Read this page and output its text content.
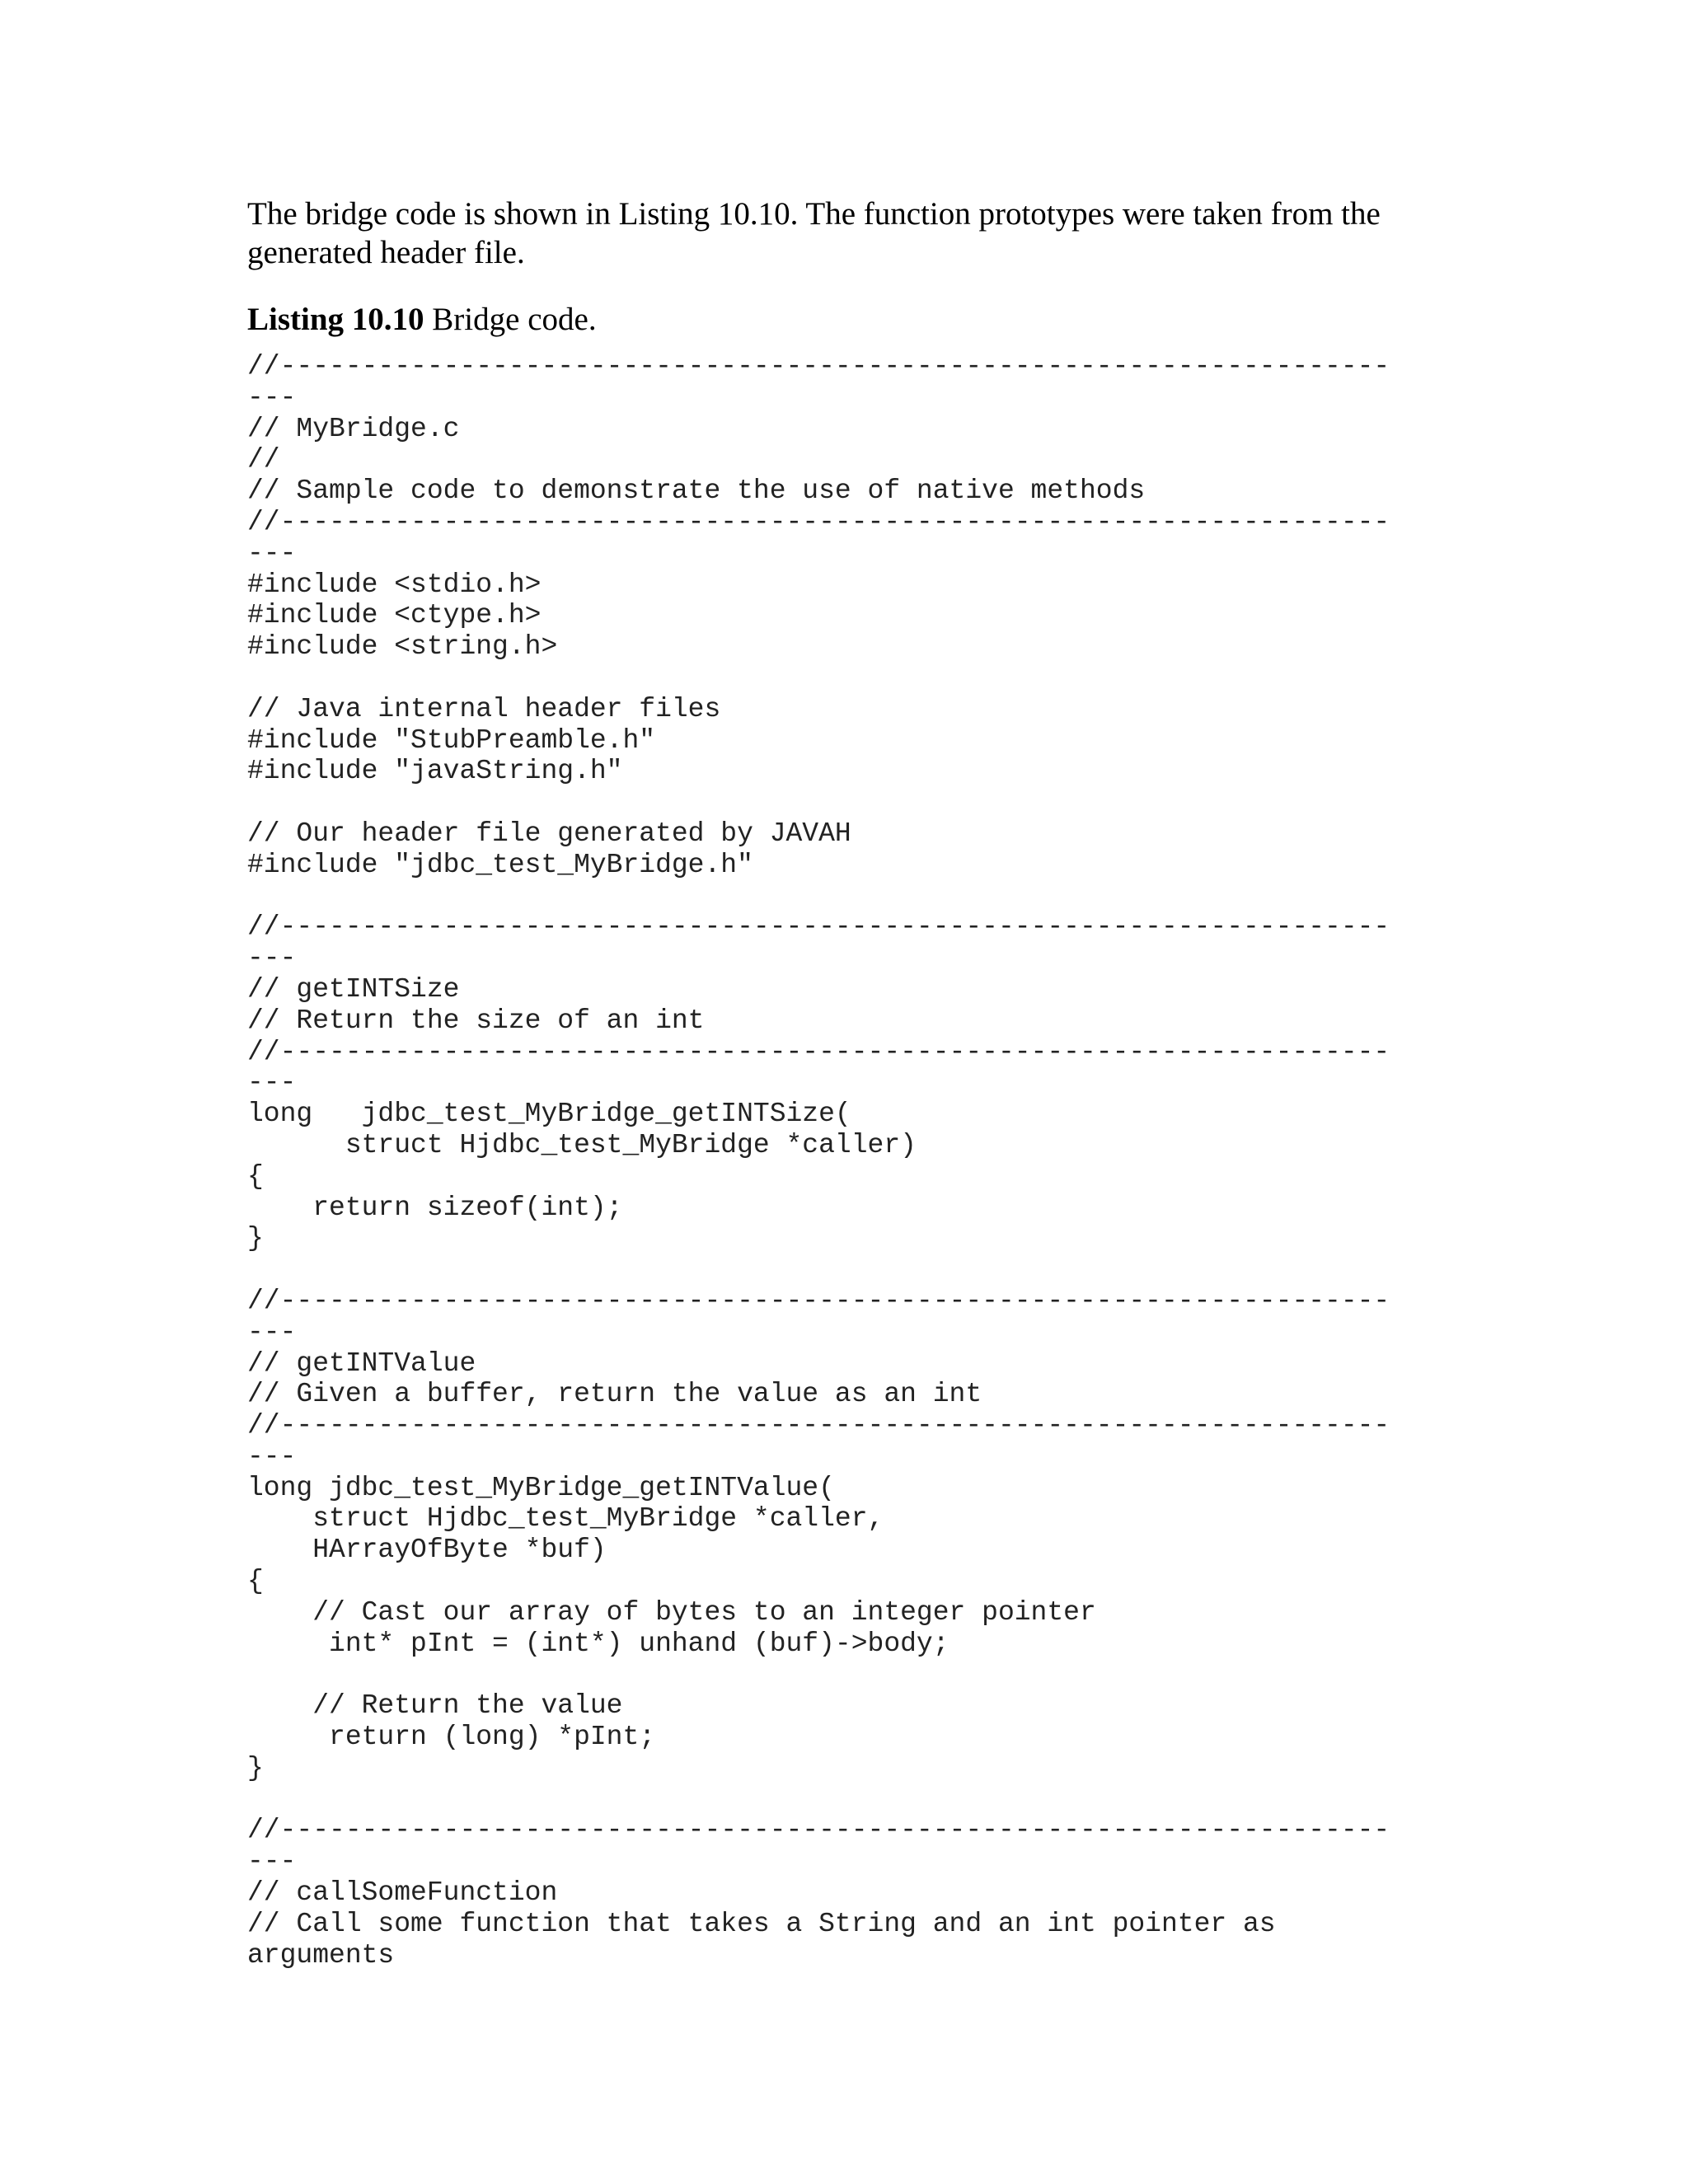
The bridge code is shown in Listing 10.10. The function prototypes were taken from the generated header file.

Listing 10.10 Bridge code.

//--------------------------------------------------------------------
---
// MyBridge.c
//
// Sample code to demonstrate the use of native methods
//--------------------------------------------------------------------
---
#include <stdio.h>
#include <ctype.h>
#include <string.h>

// Java internal header files
#include "StubPreamble.h"
#include "javaString.h"

// Our header file generated by JAVAH
#include "jdbc_test_MyBridge.h"

//--------------------------------------------------------------------
---
// getINTSize
// Return the size of an int
//--------------------------------------------------------------------
---
long   jdbc_test_MyBridge_getINTSize(
struct Hjdbc_test_MyBridge *caller)
{
return sizeof(int);
}

//--------------------------------------------------------------------
---
// getINTValue
// Given a buffer, return the value as an int
//--------------------------------------------------------------------
---
long jdbc_test_MyBridge_getINTValue(
struct Hjdbc_test_MyBridge *caller,
HArrayOfByte *buf)
{
// Cast our array of bytes to an integer pointer
int* pInt = (int*) unhand (buf)->body;

// Return the value
return (long) *pInt;
}

//--------------------------------------------------------------------
---
// callSomeFunction
// Call some function that takes a String and an int pointer as
arguments
